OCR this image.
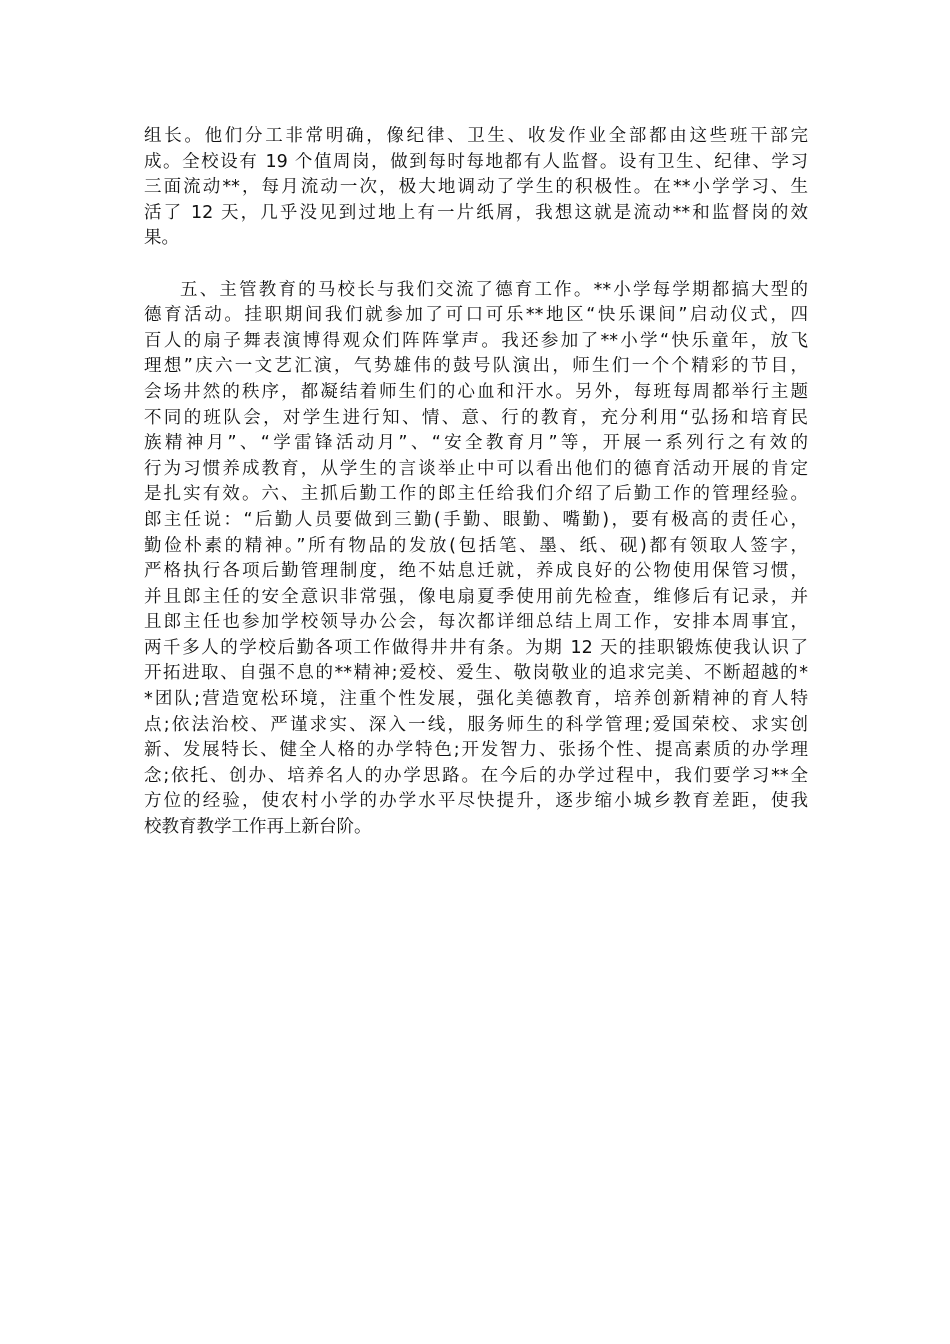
组长。他们分工非常明确，像纪律、卫生、收发作业全部都由这些班干部完
成。全校设有 19 个值周岗，做到每时每地都有人监督。设有卫生、纪律、学习
三面流动**，每月流动一次，极大地调动了学生的积极性。在**小学学习、生
活了 12 天，几乎没见到过地上有一片纸屑，我想这就是流动**和监督岗的效
果。
五、主管教育的马校长与我们交流了德育工作。**小学每学期都搞大型的
德育活动。挂职期间我们就参加了可口可乐**地区“快乐课间”启动仪式，四
百人的扇子舞表演博得观众们阵阵掌声。我还参加了**小学“快乐童年，放飞
理想”庆六一文艺汇演，气势雄伟的鼓号队演出，师生们一个个精彩的节目，
会场井然的秩序，都凝结着师生们的心血和汗水。另外，每班每周都举行主题
不同的班队会，对学生进行知、情、意、行的教育，充分利用“弘扬和培育民
族精神月”、“学雷锋活动月”、“安全教育月”等，开展一系列行之有效的
行为习惯养成教育，从学生的言谈举止中可以看出他们的德育活动开展的肯定
是扎实有效。六、主抓后勤工作的郎主任给我们介绍了后勤工作的管理经验。
郎主任说：“后勤人员要做到三勤(手勤、眼勤、嘴勤)，要有极高的责任心，
勤俭朴素的精神。”所有物品的发放(包括笔、墨、纸、砚)都有领取人签字，
严格执行各项后勤管理制度，绝不姑息迁就，养成良好的公物使用保管习惯，
并且郎主任的安全意识非常强，像电扇夏季使用前先检查，维修后有记录，并
且郎主任也参加学校领导办公会，每次都详细总结上周工作，安排本周事宜，
两千多人的学校后勤各项工作做得井井有条。为期 12 天的挂职锻炼使我认识了
开拓进取、自强不息的**精神;爱校、爱生、敬岗敬业的追求完美、不断超越的*
*团队;营造宽松环境，注重个性发展，强化美德教育，培养创新精神的育人特
点;依法治校、严谨求实、深入一线，服务师生的科学管理;爱国荣校、求实创
新、发展特长、健全人格的办学特色;开发智力、张扬个性、提高素质的办学理
念;依托、创办、培养名人的办学思路。在今后的办学过程中，我们要学习**全
方位的经验，使农村小学的办学水平尽快提升，逐步缩小城乡教育差距，使我
校教育教学工作再上新台阶。
